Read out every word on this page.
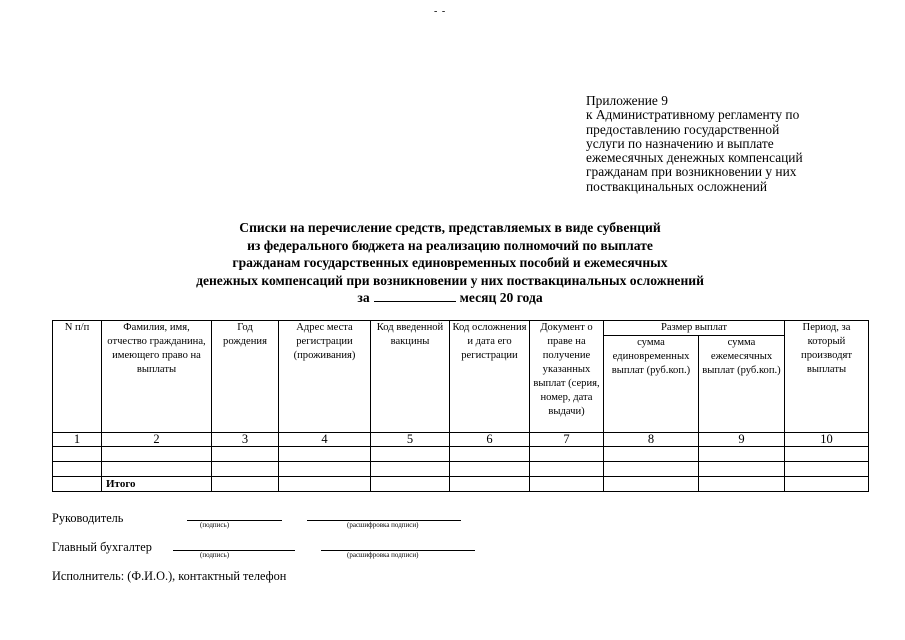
- -
Приложение 9
к Административному регламенту по
предоставлению государственной
услуги по назначению и выплате
ежемесячных денежных компенсаций
гражданам при возникновении у них
поствакцинальных осложнений
Списки на перечисление средств, представляемых в виде субвенций
из федерального бюджета на реализацию полномочий по выплате
гражданам государственных единовременных пособий и ежемесячных
денежных компенсаций при возникновении у них поствакцинальных осложнений
за	месяц 20 года
N п/п	Фамилия, имя, отчество гражданина, имеющего право на выплаты	Год рождения	Адрес места регистрации (проживания)	Код введенной вакцины	Код осложнения и дата его регистрации	Документ о праве на получение указанных выплат (серия, номер, дата выдачи)	Размер выплат		Период, за который производят выплаты
							сумма единовременных выплат (руб.коп.)	сумма ежемесячных выплат (руб.коп.)	
1	2	3	4	5	6	7	8	9	10

	Итого								
Руководитель	(подпись)	(расшифровка подписи)
Главный бухгалтер
(подпись)	(расшифровка подписи)
Исполнитель: (Ф.И.О.), контактный телефон
